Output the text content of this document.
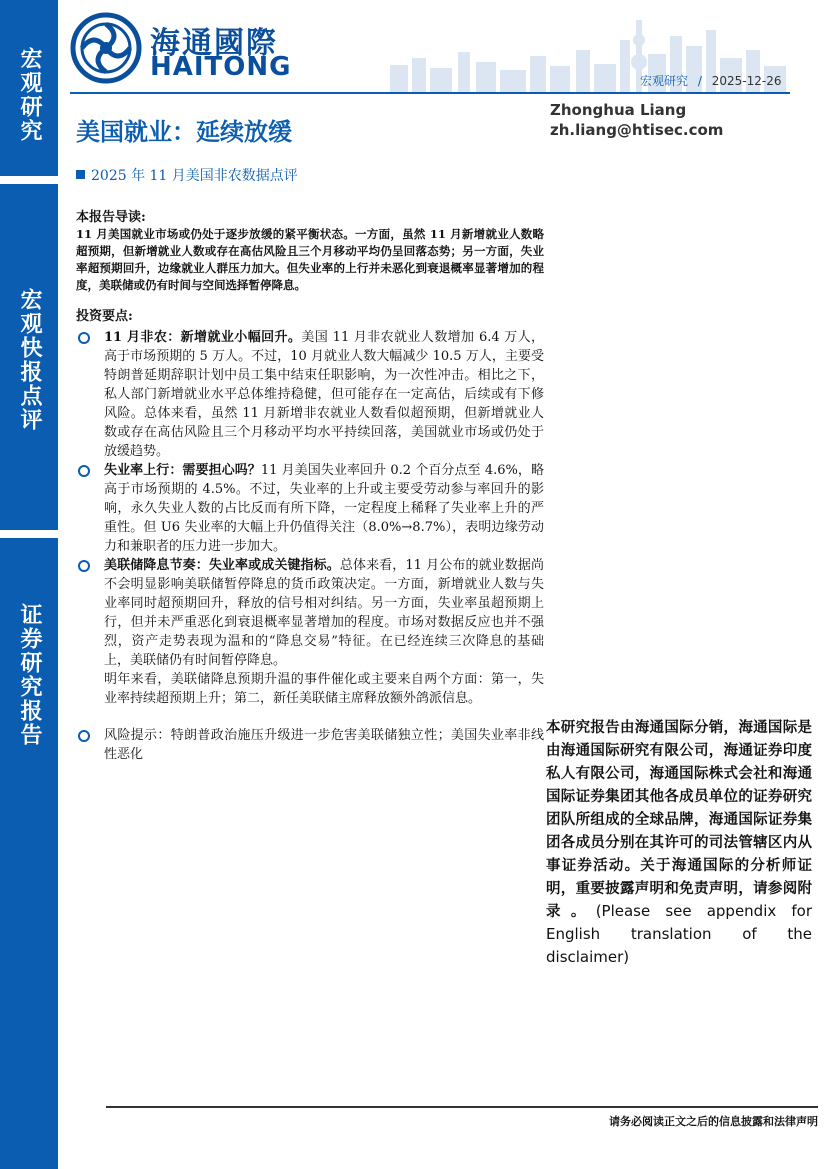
宏观研究
宏观快报点评
证券研究报告
海通國際
HAITONG	宏观研究 / 2025-12-26
美国就业：延续放缓
Zhonghua Liang
zh.liang@htisec.com
2025 年 11 月美国非农数据点评
本报告导读:
11 月美国就业市场或仍处于逐步放缓的紧平衡状态。一方面，虽然 11 月新增就业人数略超预期，但新增就业人数或存在高估风险且三个月移动平均仍呈回落态势；另一方面，失业率超预期回升，边缘就业人群压力加大。但失业率的上行并未恶化到衰退概率显著增加的程度，美联储或仍有时间与空间选择暂停降息。
投资要点:
11 月非农：新增就业小幅回升。美国 11 月非农就业人数增加 6.4 万人，高于市场预期的 5 万人。不过，10 月就业人数大幅减少 10.5 万人，主要受特朗普延期辞职计划中员工集中结束任职影响，为一次性冲击。相比之下，私人部门新增就业水平总体维持稳健，但可能存在一定高估，后续或有下修风险。总体来看，虽然 11 月新增非农就业人数看似超预期，但新增就业人数或存在高估风险且三个月移动平均水平持续回落，美国就业市场或仍处于放缓趋势。
失业率上行：需要担心吗？11 月美国失业率回升 0.2 个百分点至 4.6%，略高于市场预期的 4.5%。不过，失业率的上升或主要受劳动参与率回升的影响，永久失业人数的占比反而有所下降，一定程度上稀释了失业率上升的严重性。但 U6 失业率的大幅上升仍值得关注（8.0%→8.7%），表明边缘劳动力和兼职者的压力进一步加大。
美联储降息节奏：失业率或成关键指标。总体来看，11 月公布的就业数据尚不会明显影响美联储暂停降息的货币政策决定。一方面，新增就业人数与失业率同时超预期回升，释放的信号相对纠结。另一方面，失业率虽超预期上行，但并未严重恶化到衰退概率显著增加的程度。市场对数据反应也并不强烈，资产走势表现为温和的“降息交易”特征。在已经连续三次降息的基础上，美联储仍有时间暂停降息。
明年来看，美联储降息预期升温的事件催化或主要来自两个方面：第一，失业率持续超预期上升；第二，新任美联储主席释放额外鸽派信息。
风险提示：特朗普政治施压升级进一步危害美联储独立性；美国失业率非线性恶化
本研究报告由海通国际分销，海通国际是由海通国际研究有限公司，海通证券印度私人有限公司，海通国际株式会社和海通国际证券集团其他各成员单位的证券研究团队所组成的全球品牌，海通国际证券集团各成员分别在其许可的司法管辖区内从事证券活动。关于海通国际的分析师证明，重要披露声明和免责声明，请参阅附录。(Please see appendix for English translation of the disclaimer)
请务必阅读正文之后的信息披露和法律声明
